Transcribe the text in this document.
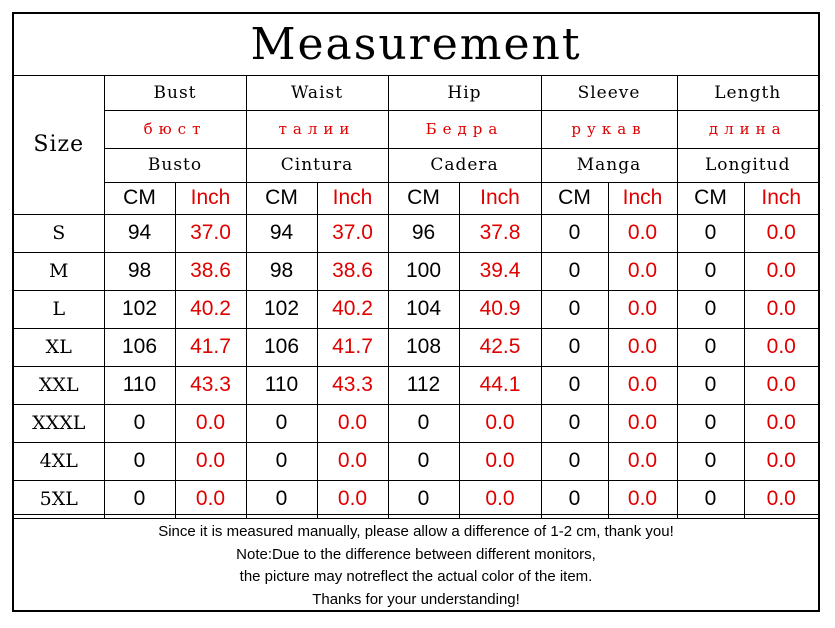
Measurement
Size	Bust		Waist		Hip		Sleeve		Length	
	бюст		талии		Бедра		рукав		длина	
	Busto		Cintura		Cadera		Manga		Longitud	
	CM	Inch	CM	Inch	CM	Inch	CM	Inch	CM	Inch
S	94	37.0	94	37.0	96	37.8	0	0.0	0	0.0
M	98	38.6	98	38.6	100	39.4	0	0.0	0	0.0
L	102	40.2	102	40.2	104	40.9	0	0.0	0	0.0
XL	106	41.7	106	41.7	108	42.5	0	0.0	0	0.0
XXL	110	43.3	110	43.3	112	44.1	0	0.0	0	0.0
XXXL	0	0.0	0	0.0	0	0.0	0	0.0	0	0.0
4XL	0	0.0	0	0.0	0	0.0	0	0.0	0	0.0
5XL	0	0.0	0	0.0	0	0.0	0	0.0	0	0.0
Since it is measured manually, please allow a difference of 1-2 cm, thank you!
Note:Due to the difference between different monitors,
the picture may notreflect the actual color of the item.
Thanks for your understanding!
